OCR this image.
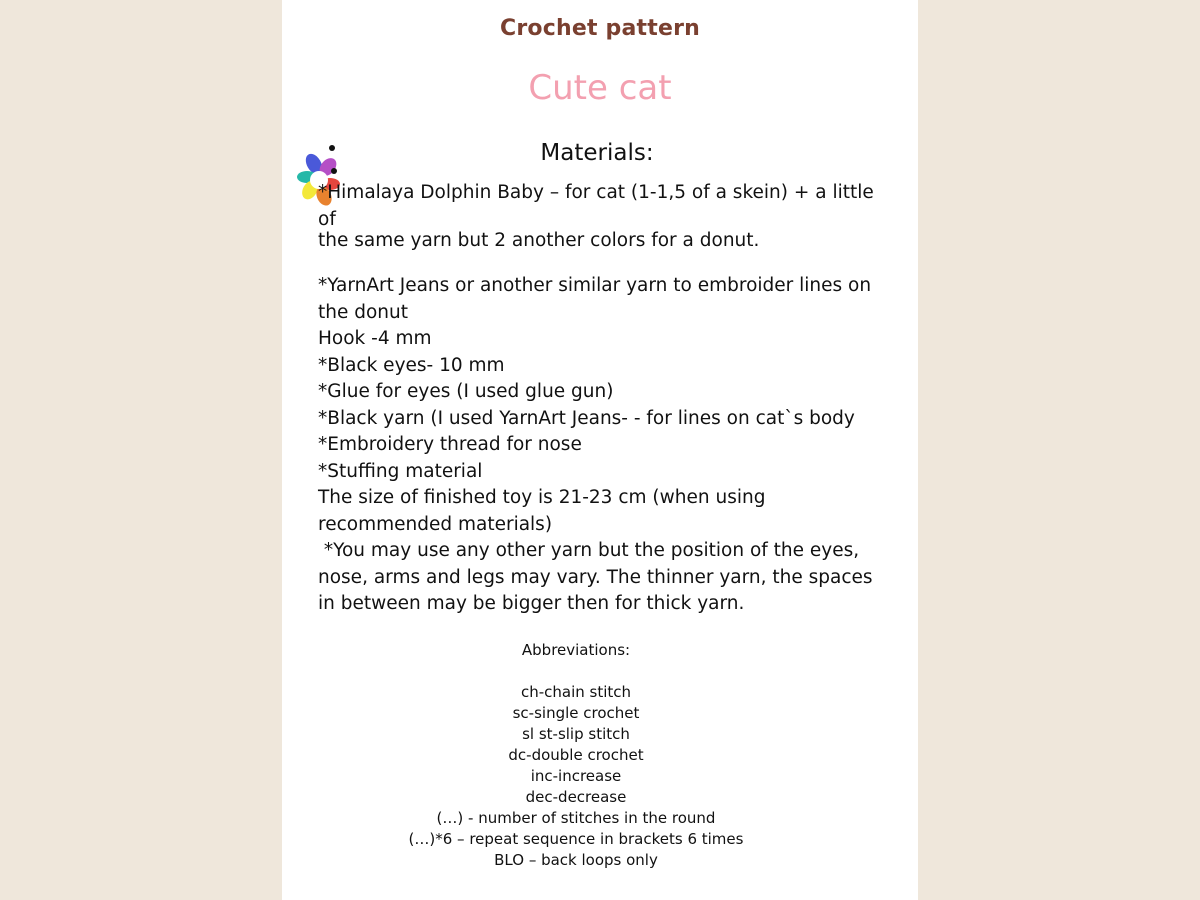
Crochet pattern
Cute cat
Materials:
*Himalaya Dolphin Baby – for cat (1-1,5 of a skein) + a little of
the same yarn but 2 another colors for a donut.
*YarnArt Jeans or another similar yarn to embroider lines on the donut
Hook -4 mm
*Black eyes- 10 mm
*Glue for eyes (I used glue gun)
*Black yarn (I used YarnArt Jeans- - for lines on cat`s body
*Embroidery thread for nose
*Stuffing material
The size of finished toy is 21-23 cm (when using recommended materials)
*You may use any other yarn but the position of the eyes, nose, arms and legs may vary. The thinner yarn, the spaces in between may be bigger then for thick yarn.
Abbreviations:
ch-chain stitch
sc-single crochet
sl st-slip stitch
dc-double crochet
inc-increase
dec-decrease
(…) - number of stitches in the round
(…)*6 – repeat sequence in brackets 6 times
BLO – back loops only
